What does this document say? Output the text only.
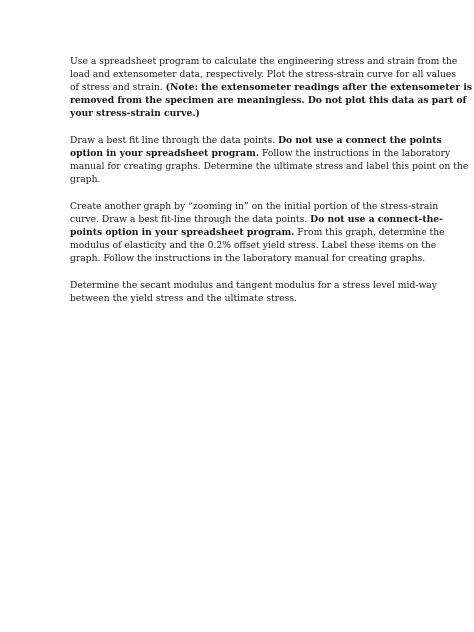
Use a spreadsheet program to calculate the engineering stress and strain from the
load and extensometer data, respectively. Plot the stress-strain curve for all values
of stress and strain. (Note: the extensometer readings after the extensometer is
removed from the specimen are meaningless. Do not plot this data as part of
your stress-strain curve.)
Draw a best fit line through the data points. Do not use a connect the points
option in your spreadsheet program. Follow the instructions in the laboratory
manual for creating graphs. Determine the ultimate stress and label this point on the
graph.
Create another graph by “zooming in” on the initial portion of the stress-strain
curve. Draw a best fit-line through the data points. Do not use a connect-the-
points option in your spreadsheet program. From this graph, determine the
modulus of elasticity and the 0.2% offset yield stress. Label these items on the
graph. Follow the instructions in the laboratory manual for creating graphs.
Determine the secant modulus and tangent modulus for a stress level mid-way
between the yield stress and the ultimate stress.
